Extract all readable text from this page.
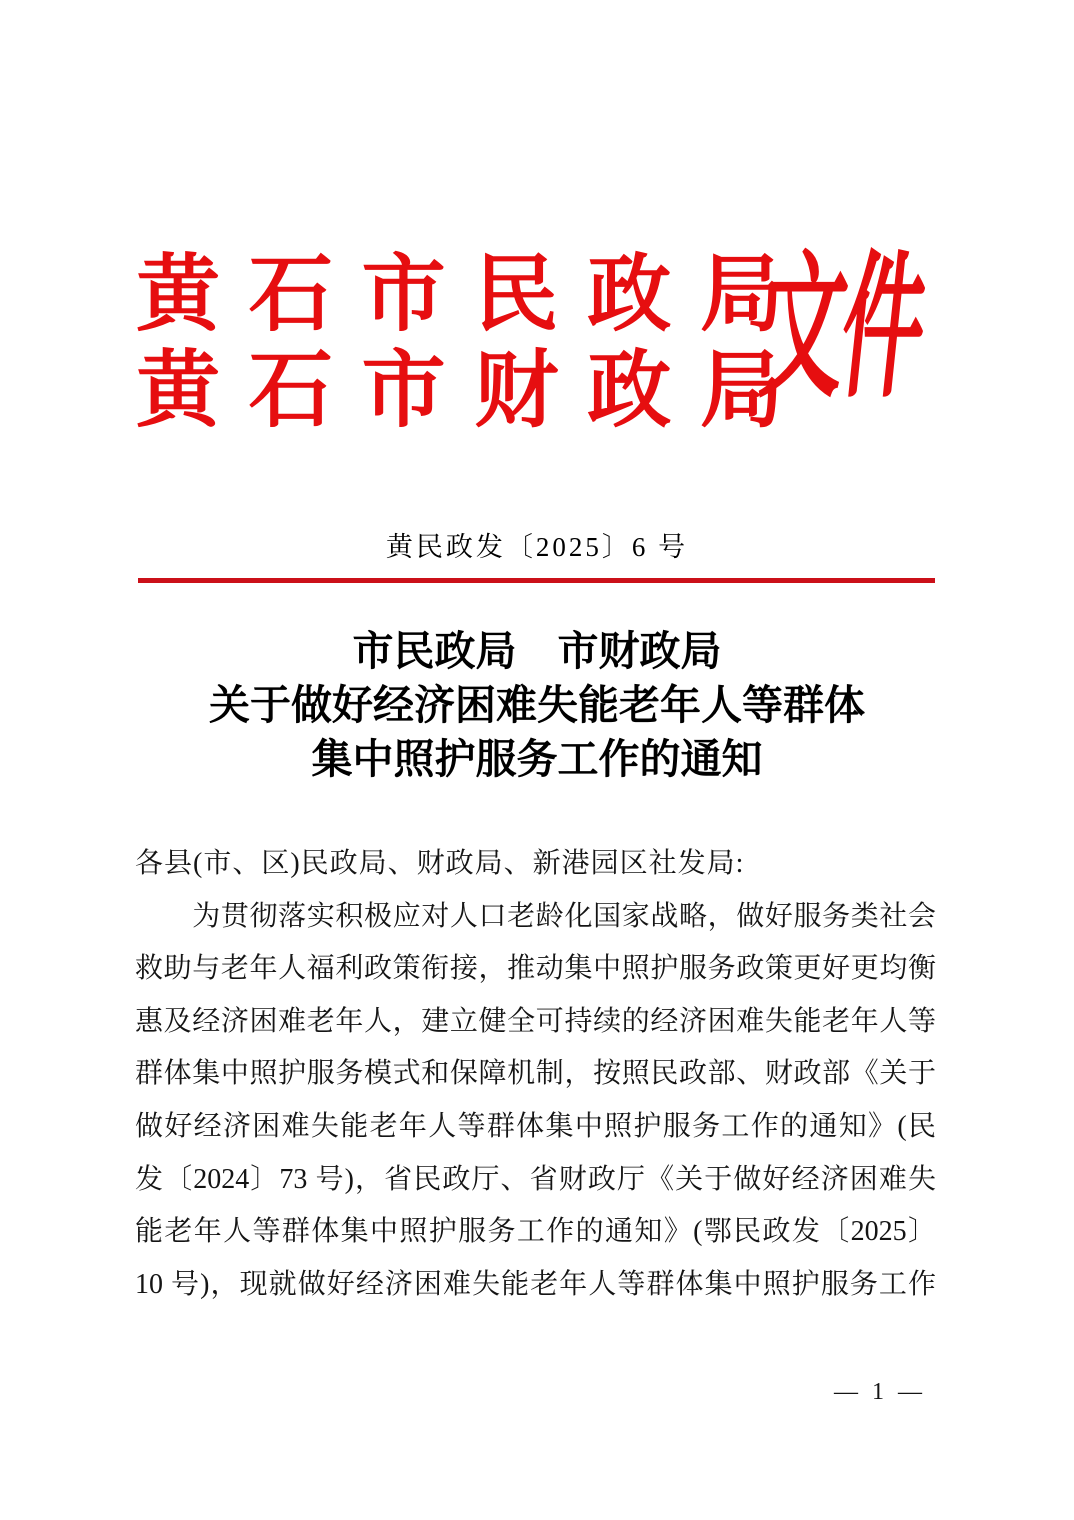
黄石市民政局
黄石市财政局
文件
黄民政发〔2025〕6 号
市民政局　市财政局
关于做好经济困难失能老年人等群体
集中照护服务工作的通知
各县(市、区)民政局、财政局、新港园区社发局:
　　为贯彻落实积极应对人口老龄化国家战略，做好服务类社会
救助与老年人福利政策衔接，推动集中照护服务政策更好更均衡
惠及经济困难老年人，建立健全可持续的经济困难失能老年人等
群体集中照护服务模式和保障机制，按照民政部、财政部《关于
做好经济困难失能老年人等群体集中照护服务工作的通知》(民
发〔2024〕73 号)，省民政厅、省财政厅《关于做好经济困难失
能老年人等群体集中照护服务工作的通知》(鄂民政发〔2025〕
10 号)，现就做好经济困难失能老年人等群体集中照护服务工作
— 1 —
